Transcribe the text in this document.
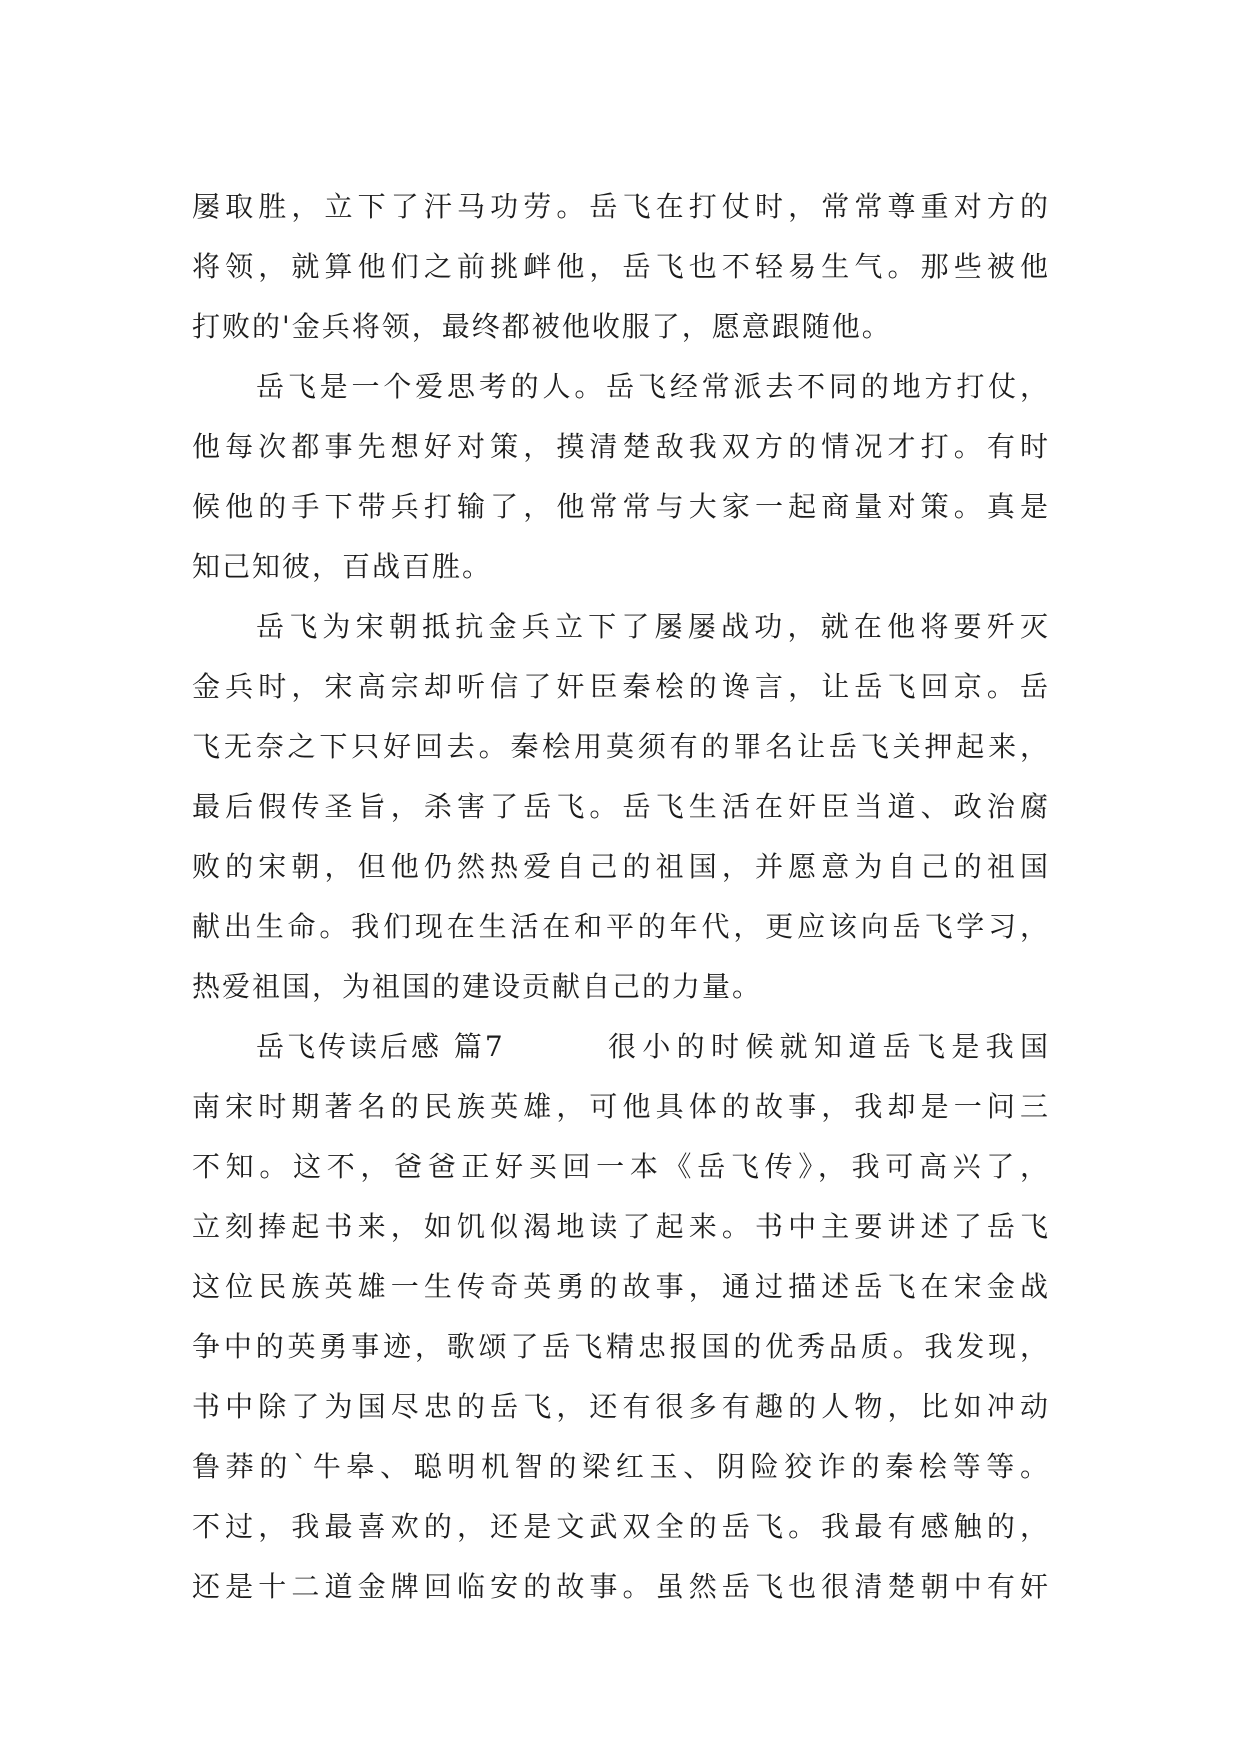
屡取胜，立下了汗马功劳。岳飞在打仗时，常常尊重对方的
将领，就算他们之前挑衅他，岳飞也不轻易生气。那些被他
打败的'金兵将领，最终都被他收服了，愿意跟随他。
岳飞是一个爱思考的人。岳飞经常派去不同的地方打仗，
他每次都事先想好对策，摸清楚敌我双方的情况才打。有时
候他的手下带兵打输了，他常常与大家一起商量对策。真是
知己知彼，百战百胜。
岳飞为宋朝抵抗金兵立下了屡屡战功，就在他将要歼灭
金兵时，宋高宗却听信了奸臣秦桧的谗言，让岳飞回京。岳
飞无奈之下只好回去。秦桧用莫须有的罪名让岳飞关押起来，
最后假传圣旨，杀害了岳飞。岳飞生活在奸臣当道、政治腐
败的宋朝，但他仍然热爱自己的祖国，并愿意为自己的祖国
献出生命。我们现在生活在和平的年代，更应该向岳飞学习，
热爱祖国，为祖国的建设贡献自己的力量。
岳飞传读后感 篇7	很小的时候就知道岳飞是我国
南宋时期著名的民族英雄，可他具体的故事，我却是一问三
不知。这不，爸爸正好买回一本《岳飞传》，我可高兴了，
立刻捧起书来，如饥似渴地读了起来。书中主要讲述了岳飞
这位民族英雄一生传奇英勇的故事，通过描述岳飞在宋金战
争中的英勇事迹，歌颂了岳飞精忠报国的优秀品质。我发现，
书中除了为国尽忠的岳飞，还有很多有趣的人物，比如冲动
鲁莽的`牛皋、聪明机智的梁红玉、阴险狡诈的秦桧等等。
不过，我最喜欢的，还是文武双全的岳飞。我最有感触的，
还是十二道金牌回临安的故事。虽然岳飞也很清楚朝中有奸
